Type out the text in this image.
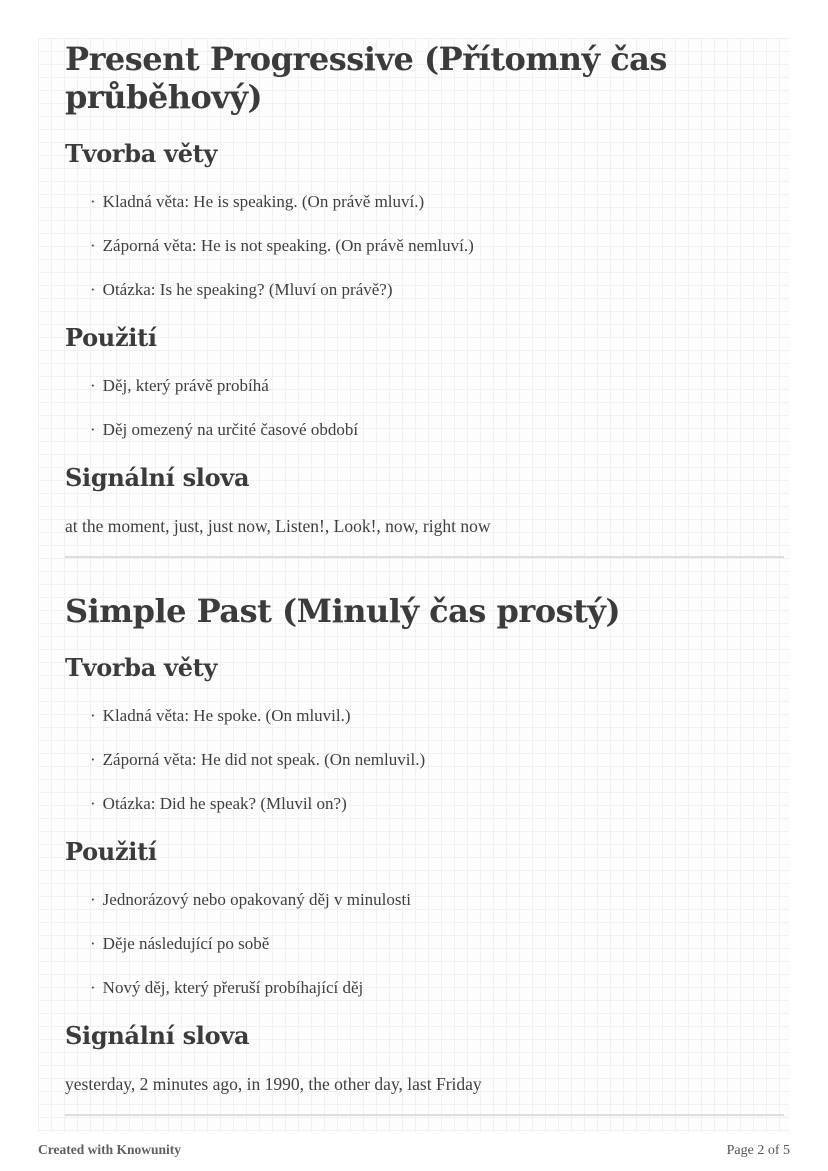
Present Progressive (Přítomný čas průběhový)
Tvorba věty
· Kladná věta: He is speaking. (On právě mluví.)
· Záporná věta: He is not speaking. (On právě nemluví.)
· Otázka: Is he speaking? (Mluví on právě?)
Použití
· Děj, který právě probíhá
· Děj omezený na určité časové období
Signální slova

at the moment, just, just now, Listen!, Look!, now, right now

Simple Past (Minulý čas prostý)
Tvorba věty
· Kladná věta: He spoke. (On mluvil.)
· Záporná věta: He did not speak. (On nemluvil.)
· Otázka: Did he speak? (Mluvil on?)
Použití
· Jednorázový nebo opakovaný děj v minulosti
· Děje následující po sobě
· Nový děj, který přeruší probíhající děj
Signální slova

yesterday, 2 minutes ago, in 1990, the other day, last Friday

Created with Knowunity	Page 2 of 5
